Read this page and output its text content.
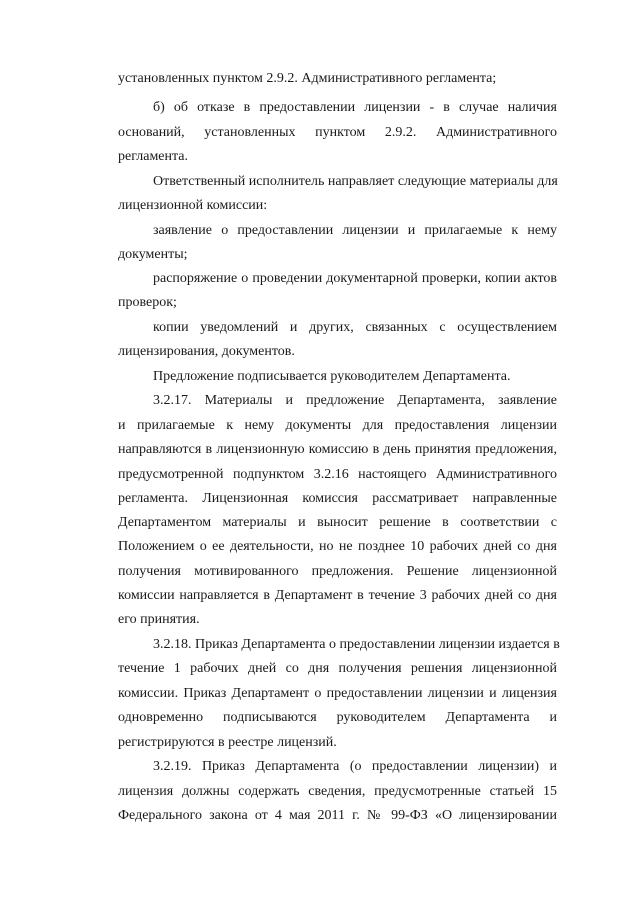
установленных пунктом 2.9.2. Административного регламента;
б) об отказе в предоставлении лицензии - в случае наличия
оснований, установленных пунктом 2.9.2. Административного
регламента.
Ответственный исполнитель направляет следующие материалы для
лицензионной комиссии:
заявление о предоставлении лицензии и прилагаемые к нему
документы;
распоряжение о проведении документарной проверки, копии актов
проверок;
копии уведомлений и других, связанных с осуществлением
лицензирования, документов.
Предложение подписывается руководителем Департамента.
3.2.17. Материалы и предложение Департамента, заявление
и прилагаемые к нему документы для предоставления лицензии
направляются в лицензионную комиссию в день принятия предложения,
предусмотренной подпунктом 3.2.16 настоящего Административного
регламента. Лицензионная комиссия рассматривает направленные
Департаментом материалы и выносит решение в соответствии с
Положением о ее деятельности, но не позднее 10 рабочих дней со дня
получения мотивированного предложения. Решение лицензионной
комиссии направляется в Департамент в течение 3 рабочих дней со дня
его принятия.
3.2.18. Приказ Департамента о предоставлении лицензии издается в
течение 1 рабочих дней со дня получения решения лицензионной
комиссии. Приказ Департамент о предоставлении лицензии и лицензия
одновременно подписываются руководителем Департамента и
регистрируются в реестре лицензий.
3.2.19. Приказ Департамента (о предоставлении лицензии) и
лицензия должны содержать сведения, предусмотренные статьей 15
Федерального закона от 4 мая 2011 г. № 99-ФЗ «О лицензировании
